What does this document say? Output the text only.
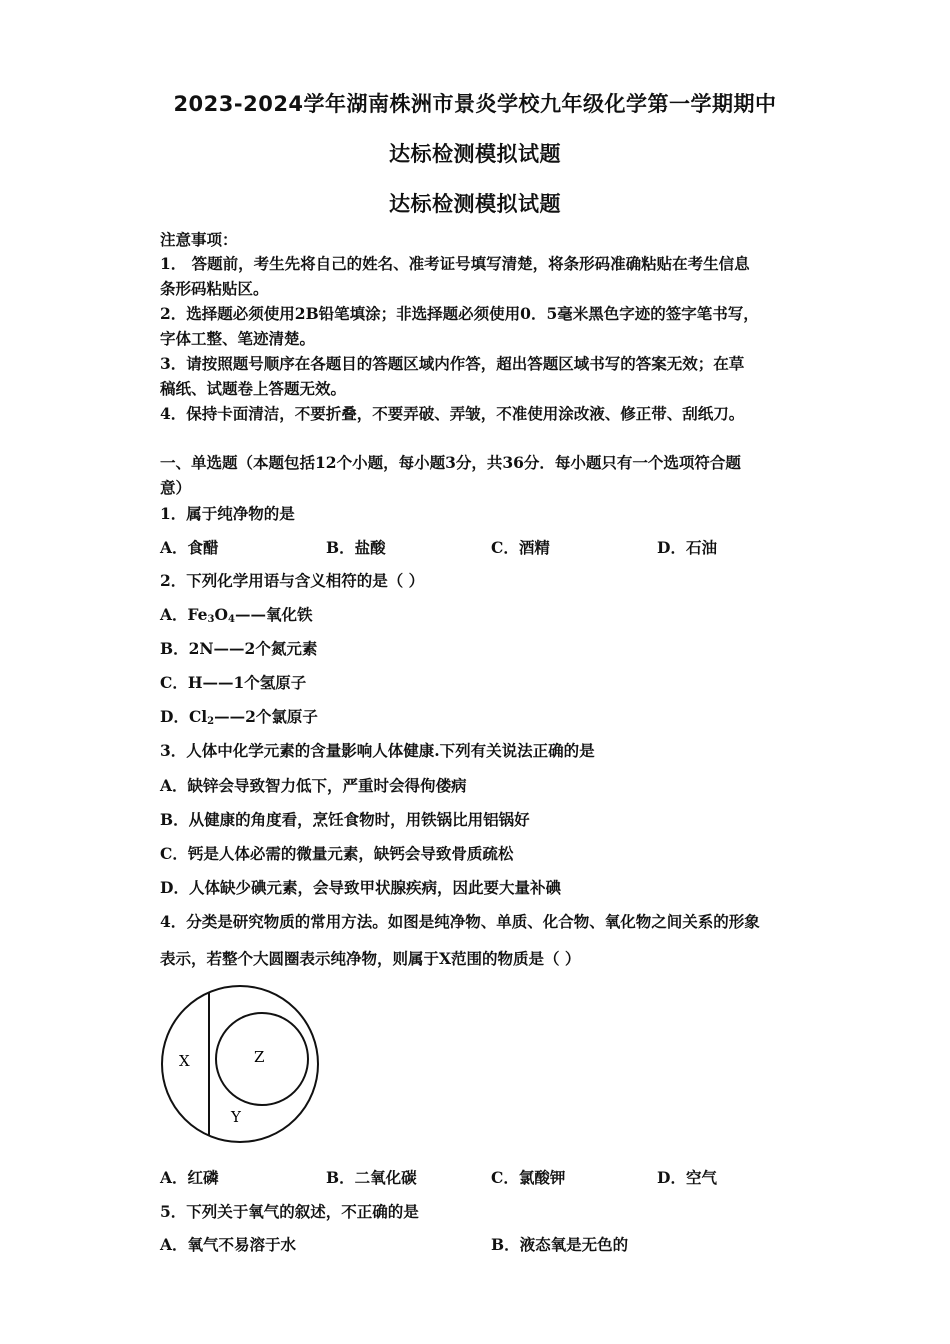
2023-2024学年湖南株洲市景炎学校九年级化学第一学期期中
达标检测模拟试题
达标检测模拟试题
注意事项：
1． 答题前，考生先将自己的姓名、准考证号填写清楚，将条形码准确粘贴在考生信息
条形码粘贴区。
2．选择题必须使用2B铅笔填涂；非选择题必须使用0．5毫米黑色字迹的签字笔书写，
字体工整、笔迹清楚。
3．请按照题号顺序在各题目的答题区域内作答，超出答题区域书写的答案无效；在草
稿纸、试题卷上答题无效。
4．保持卡面清洁，不要折叠，不要弄破、弄皱，不准使用涂改液、修正带、刮纸刀。
一、单选题（本题包括12个小题，每小题3分，共36分．每小题只有一个选项符合题
意）
1．属于纯净物的是
A．食醋	B．盐酸	C．酒精	D．石油
2．下列化学用语与含义相符的是（ ）
A．$Fe_3O_4——$氧化铁
B．2N——2个氮元素
C．H——1个氢原子
D．$Cl_2——2$个氯原子
3．人体中化学元素的含量影响人体健康.下列有关说法正确的是
A．缺锌会导致智力低下，严重时会得佝偻病
B．从健康的角度看，烹饪食物时，用铁锅比用铝锅好
C．钙是人体必需的微量元素，缺钙会导致骨质疏松
D．人体缺少碘元素，会导致甲状腺疾病，因此要大量补碘
4．分类是研究物质的常用方法。如图是纯净物、单质、化合物、氧化物之间关系的形象
表示，若整个大圆圈表示纯净物，则属于X范围的物质是（ ）
X	Z
Y
A．红磷	B．二氧化碳	C．氯酸钾	D．空气
5．下列关于氧气的叙述，不正确的是
A．氧气不易溶于水	B．液态氧是无色的
